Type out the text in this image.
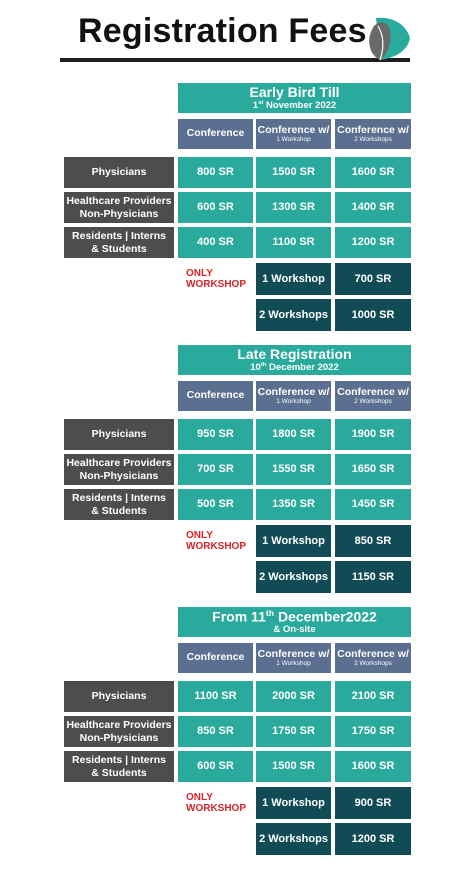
Registration Fees
Early Bird Till
1st November 2022
Conference Conference w/
1 Workshop
Conference w/
2 Workshops
Physicians	800 SR	1500 SR	1600 SR
Healthcare Providers
Non-Physicians
600 SR	1300 SR	1400 SR
Residents | Interns
& Students
400 SR	1100 SR	1200 SR
ONLY
WORKSHOP	1 Workshop	700 SR
2 Workshops	1000 SR
Late Registration
10th December 2022
Conference Conference w/
1 Workshop
Conference w/
2 Workshops
Physicians	950 SR	1800 SR	1900 SR
Healthcare Providers
Non-Physicians
700 SR	1550 SR	1650 SR
Residents | Interns
& Students
500 SR	1350 SR	1450 SR
ONLY
WORKSHOP	1 Workshop	850 SR
2 Workshops	1150 SR
From 11th December2022
& On-site
Conference Conference w/
1 Workshop
Conference w/
2 Workshops
Physicians	1100 SR	2000 SR	2100 SR
Healthcare Providers
Non-Physicians
850 SR	1750 SR	1750 SR
Residents | Interns
& Students
600 SR	1500 SR	1600 SR
ONLY
WORKSHOP	1 Workshop	900 SR
2 Workshops	1200 SR
